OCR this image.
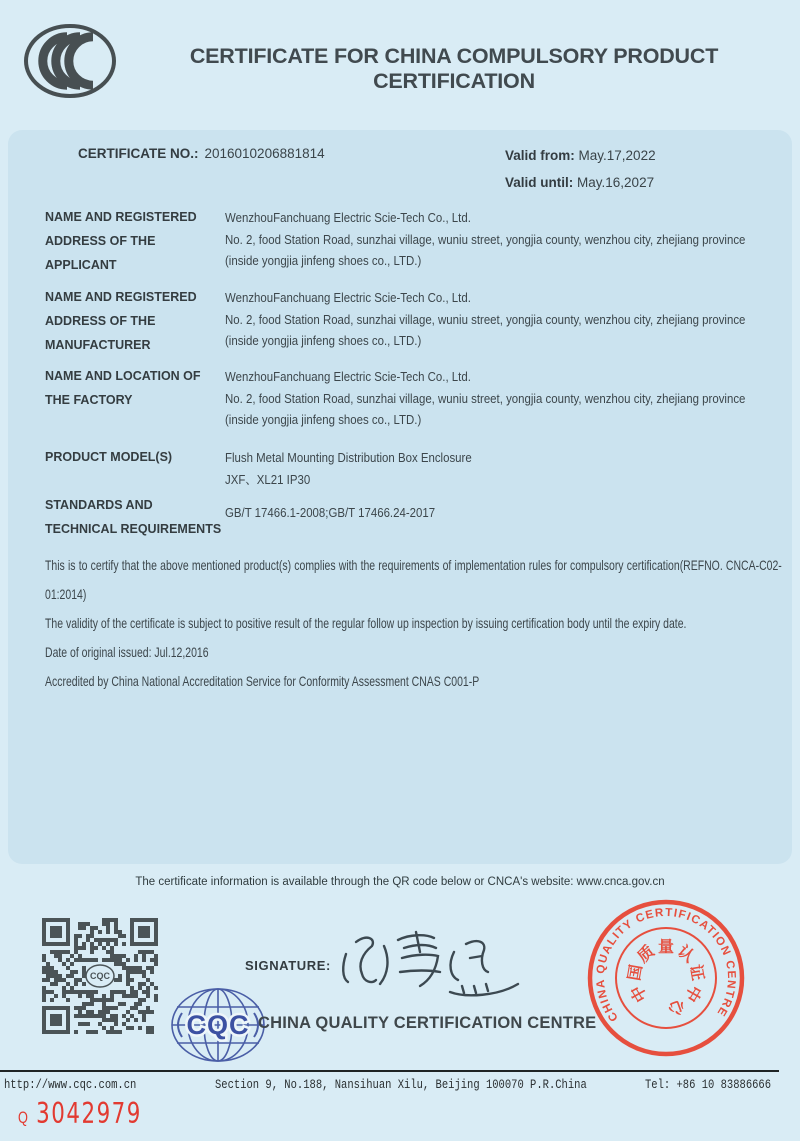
CERTIFICATE FOR CHINA COMPULSORY PRODUCT CERTIFICATION
CERTIFICATE NO.: 2016010206881814	Valid from: May.17,2022
Valid until: May.16,2027
NAME AND REGISTERED ADDRESS OF THE APPLICANT
WenzhouFanchuang Electric Scie-Tech Co., Ltd.
No. 2, food Station Road, sunzhai village, wuniu street, yongjia county, wenzhou city, zhejiang province
(inside yongjia jinfeng shoes co., LTD.)
NAME AND REGISTERED ADDRESS OF THE MANUFACTURER
WenzhouFanchuang Electric Scie-Tech Co., Ltd.
No. 2, food Station Road, sunzhai village, wuniu street, yongjia county, wenzhou city, zhejiang province
(inside yongjia jinfeng shoes co., LTD.)
NAME AND LOCATION OF THE FACTORY
WenzhouFanchuang Electric Scie-Tech Co., Ltd.
No. 2, food Station Road, sunzhai village, wuniu street, yongjia county, wenzhou city, zhejiang province
(inside yongjia jinfeng shoes co., LTD.)
PRODUCT MODEL(S)	Flush Metal Mounting Distribution Box Enclosure
JXF、XL21 IP30
STANDARDS AND TECHNICAL REQUIREMENTS
GB/T 17466.1-2008;GB/T 17466.24-2017

This is to certify that the above mentioned product(s) complies with the requirements of implementation rules for compulsory certification(REFNO. CNCA-C02-01:2014)

The validity of the certificate is subject to positive result of the regular follow up inspection by issuing certification body until the expiry date.

Date of original issued: Jul.12,2016

Accredited by China National Accreditation Service for Conformity Assessment CNAS C001-P

The certificate information is available through the QR code below or CNCA's website: www.cnca.gov.cn
CQC
SIGNATURE:
CQC CHINA QUALITY CERTIFICATION CENTRE CHINA QUALITY CERTIFICATION CENTRE
中
国
质 量 认
证
中
心
http://www.cqc.com.cn	Section 9, No.188, Nansihuan Xilu, Beijing 100070 P.R.China	Tel: +86 10 83886666
Q 3042979
